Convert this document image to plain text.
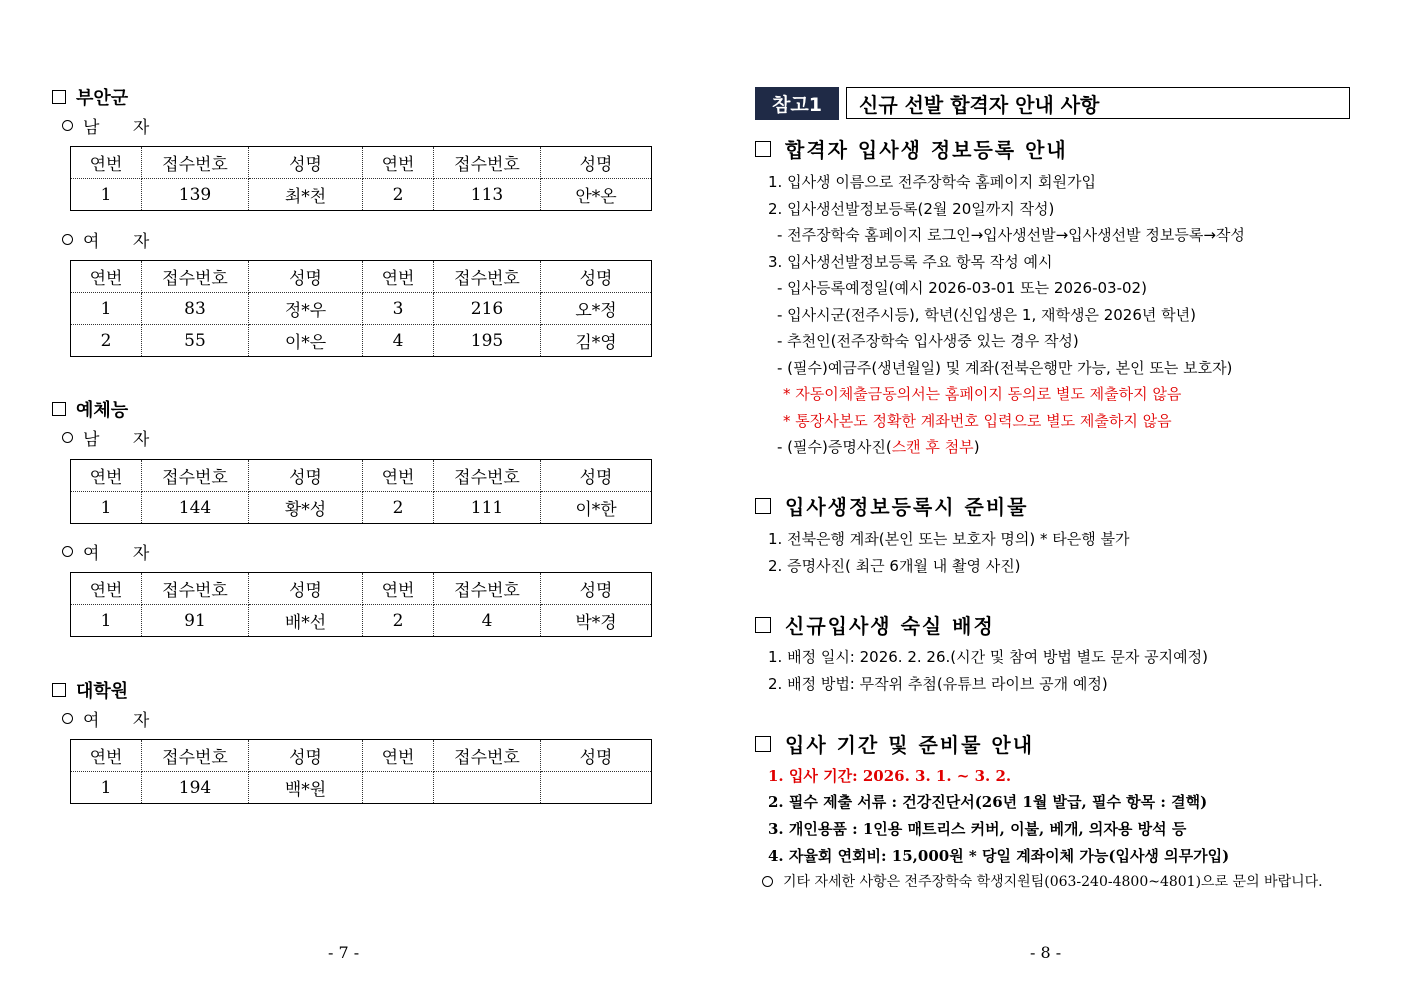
부안군
남 자
연번	접수번호	성명	연번	접수번호	성명
1	139	최*천	2	113	안*온
여 자
연번	접수번호	성명	연번	접수번호	성명
1	83	정*우	3	216	오*정
2	55	이*은	4	195	김*영
예체능
남 자
연번	접수번호	성명	연번	접수번호	성명
1	144	황*성	2	111	이*한
여 자
연번	접수번호	성명	연번	접수번호	성명
1	91	배*선	2	4	박*경
대학원
여 자
연번	접수번호	성명	연번	접수번호	성명
1	194	백*원			
- 7 -
참고1	신규 선발 합격자 안내 사항
합격자 입사생 정보등록 안내
1. 입사생 이름으로 전주장학숙 홈페이지 회원가입
2. 입사생선발정보등록(2월 20일까지 작성)
- 전주장학숙 홈페이지 로그인→입사생선발→입사생선발 정보등록→작성
3. 입사생선발정보등록 주요 항목 작성 예시
- 입사등록예정일(예시 2026-03-01 또는 2026-03-02)
- 입사시군(전주시등), 학년(신입생은 1, 재학생은 2026년 학년)
- 추천인(전주장학숙 입사생중 있는 경우 작성)
- (필수)예금주(생년월일) 및 계좌(전북은행만 가능, 본인 또는 보호자)
* 자동이체출금동의서는 홈페이지 동의로 별도 제출하지 않음
* 통장사본도 정확한 계좌번호 입력으로 별도 제출하지 않음
- (필수)증명사진(스캔 후 첨부)
입사생정보등록시 준비물
1. 전북은행 계좌(본인 또는 보호자 명의) * 타은행 불가
2. 증명사진( 최근 6개월 내 촬영 사진)
신규입사생 숙실 배정
1. 배정 일시: 2026. 2. 26.(시간 및 참여 방법 별도 문자 공지예정)
2. 배정 방법: 무작위 추첨(유튜브 라이브 공개 예정)
입사 기간 및 준비물 안내
1. 입사 기간: 2026. 3. 1. ~ 3. 2.
2. 필수 제출 서류 : 건강진단서(26년 1월 발급, 필수 항목 : 결핵)
3. 개인용품 : 1인용 매트리스 커버, 이불, 베개, 의자용 방석 등
4. 자율회 연회비: 15,000원 * 당일 계좌이체 가능(입사생 의무가입)
기타 자세한 사항은 전주장학숙 학생지원팀(063-240-4800~4801)으로 문의 바랍니다.
- 8 -
